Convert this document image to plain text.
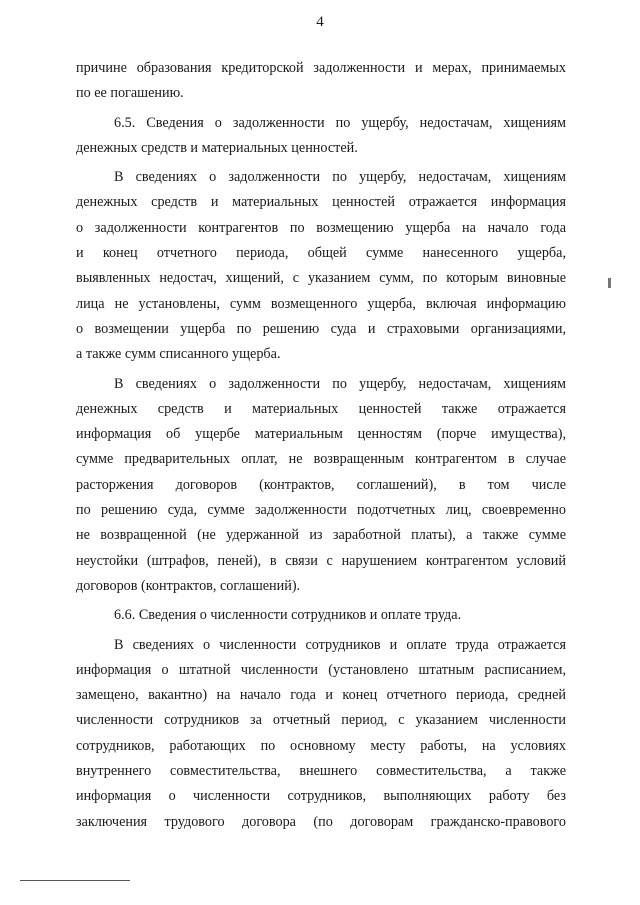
4

причине образования кредиторской задолженности и мерах, принимаемых
по ее погашению.

6.5. Сведения о задолженности по ущербу, недостачам, хищениям
денежных средств и материальных ценностей.

В сведениях о задолженности по ущербу, недостачам, хищениям
денежных средств и материальных ценностей отражается информация
о задолженности контрагентов по возмещению ущерба на начало года
и конец отчетного периода, общей сумме нанесенного ущерба,
выявленных недостач, хищений, с указанием сумм, по которым виновные
лица не установлены, сумм возмещенного ущерба, включая информацию
о возмещении ущерба по решению суда и страховыми организациями,
а также сумм списанного ущерба.

В сведениях о задолженности по ущербу, недостачам, хищениям
денежных средств и материальных ценностей также отражается
информация об ущербе материальным ценностям (порче имущества),
сумме предварительных оплат, не возвращенным контрагентом в случае
расторжения договоров (контрактов, соглашений), в том числе
по решению суда, сумме задолженности подотчетных лиц, своевременно
не возвращенной (не удержанной из заработной платы), а также сумме
неустойки (штрафов, пеней), в связи с нарушением контрагентом условий
договоров (контрактов, соглашений).

6.6. Сведения о численности сотрудников и оплате труда.

В сведениях о численности сотрудников и оплате труда отражается
информация о штатной численности (установлено штатным расписанием,
замещено, вакантно) на начало года и конец отчетного периода, средней
численности сотрудников за отчетный период, с указанием численности
сотрудников, работающих по основному месту работы, на условиях
внутреннего совместительства, внешнего совместительства, а также
информация о численности сотрудников, выполняющих работу без
заключения трудового договора (по договорам гражданско-правового
